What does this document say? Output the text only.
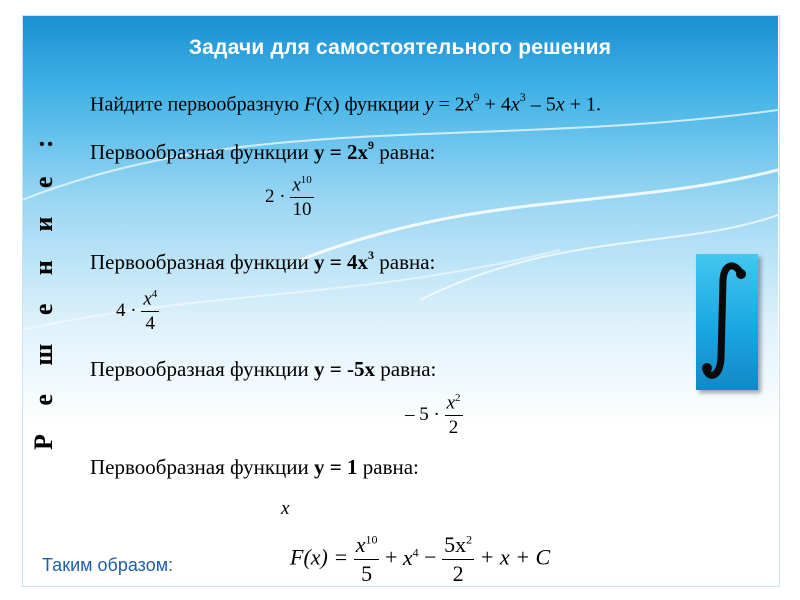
Задачи для самостоятельного решения
Найдите первообразную F(x) функции $y = 2x^9 + 4x^3 - 5x + 1$.
Первообразная функции $y = 2x^9$ равна:
$2 \cdot \frac{x^{10}}{10}$
Первообразная функции $y = 4x^3$ равна:
$4 \cdot \frac{x^4}{4}$
Первообразная функции y = -5x равна:
– $5 \cdot \frac{x^2}{2}$
Первообразная функции y = 1 равна:
x
Р е ш е н и е :
Таким образом:	$F(x) = \frac{x^{10}}{5} + x^4 - \frac{5x^2}{2} + x + C$
